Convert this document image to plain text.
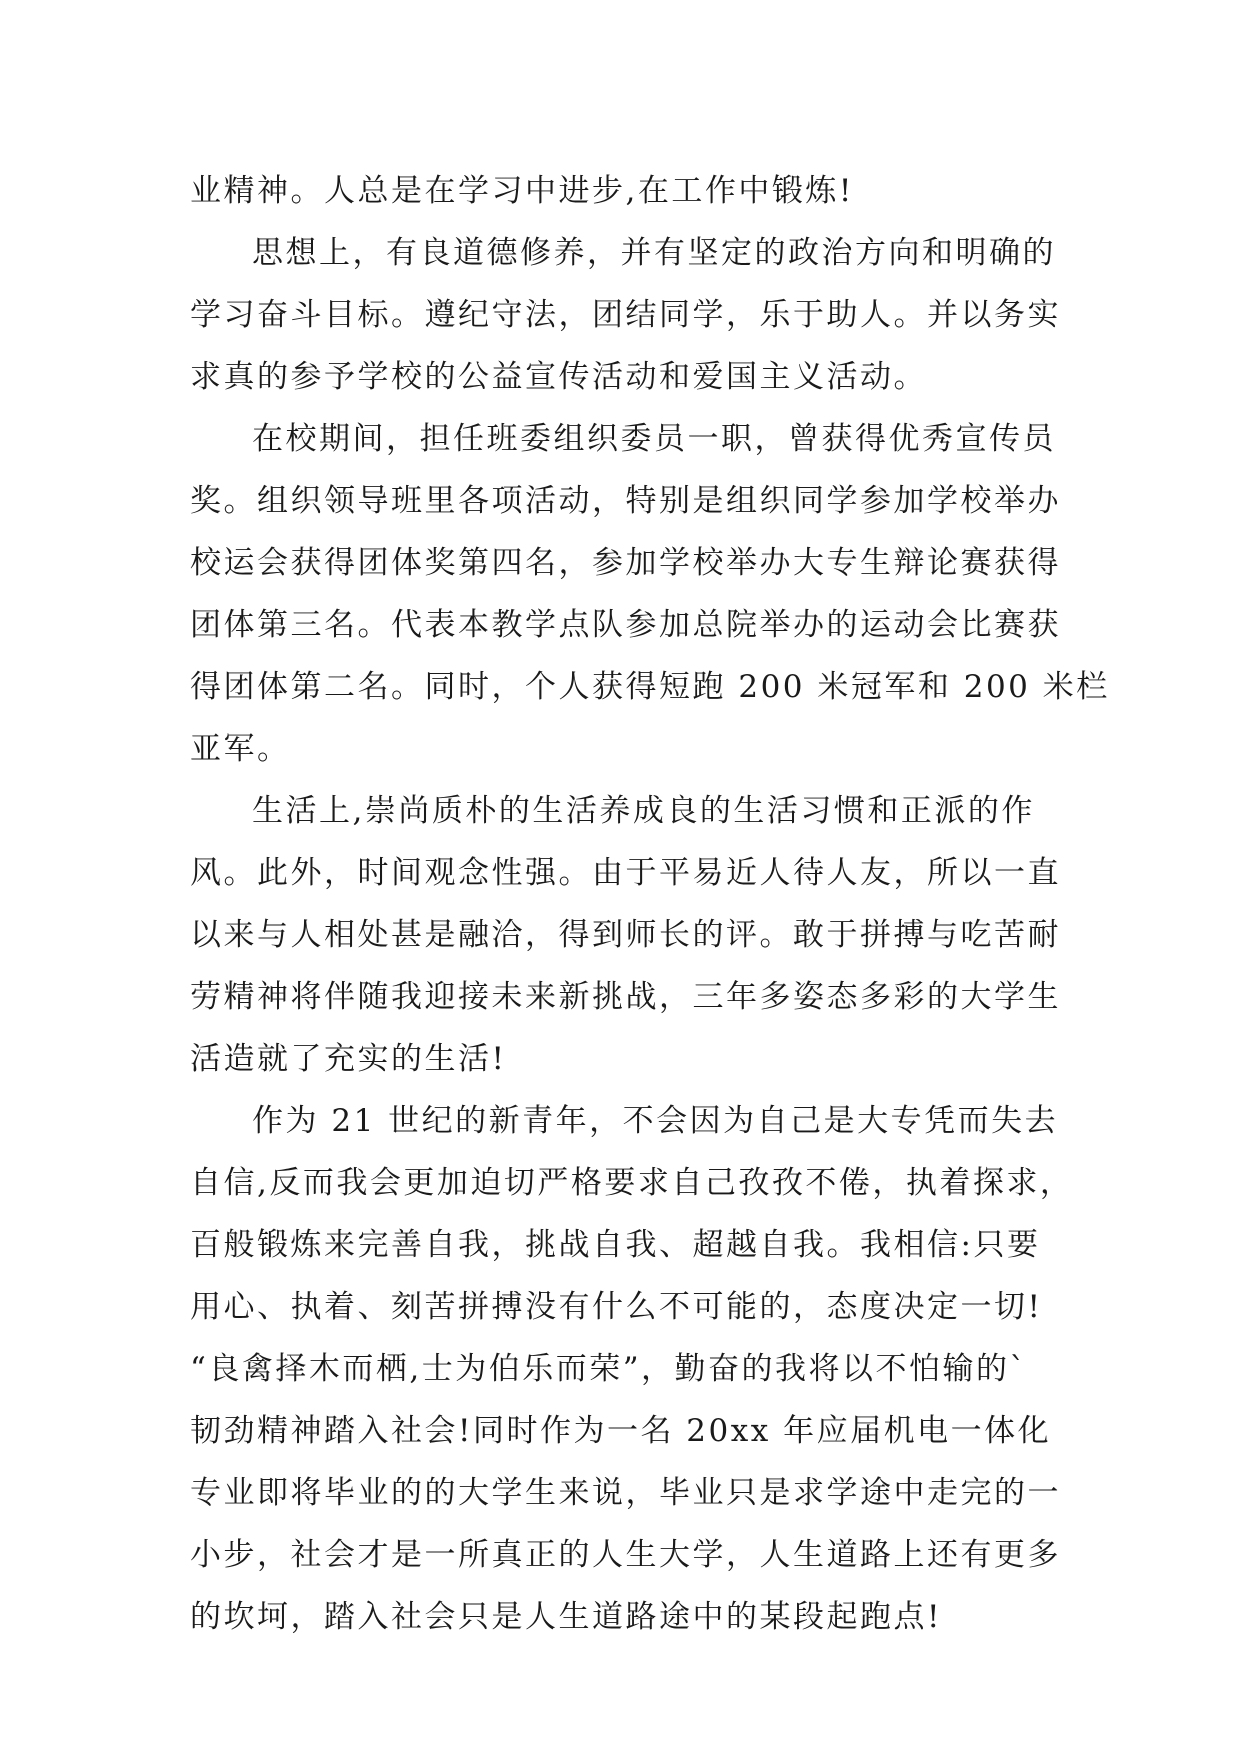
业精神。人总是在学习中进步,在工作中锻炼!
思想上，有良道德修养，并有坚定的政治方向和明确的
学习奋斗目标。遵纪守法，团结同学，乐于助人。并以务实
求真的参予学校的公益宣传活动和爱国主义活动。
在校期间，担任班委组织委员一职，曾获得优秀宣传员
奖。组织领导班里各项活动，特别是组织同学参加学校举办
校运会获得团体奖第四名，参加学校举办大专生辩论赛获得
团体第三名。代表本教学点队参加总院举办的运动会比赛获
得团体第二名。同时，个人获得短跑 200 米冠军和 200 米栏
亚军。
生活上,崇尚质朴的生活养成良的生活习惯和正派的作
风。此外，时间观念性强。由于平易近人待人友，所以一直
以来与人相处甚是融洽，得到师长的评。敢于拼搏与吃苦耐
劳精神将伴随我迎接未来新挑战，三年多姿态多彩的大学生
活造就了充实的生活!
作为 21 世纪的新青年，不会因为自己是大专凭而失去
自信,反而我会更加迫切严格要求自己孜孜不倦，执着探求，
百般锻炼来完善自我，挑战自我、超越自我。我相信:只要
用心、执着、刻苦拼搏没有什么不可能的，态度决定一切!
“良禽择木而栖,士为伯乐而荣”，勤奋的我将以不怕输的`
韧劲精神踏入社会!同时作为一名 20xx 年应届机电一体化
专业即将毕业的的大学生来说，毕业只是求学途中走完的一
小步，社会才是一所真正的人生大学，人生道路上还有更多
的坎坷，踏入社会只是人生道路途中的某段起跑点!
